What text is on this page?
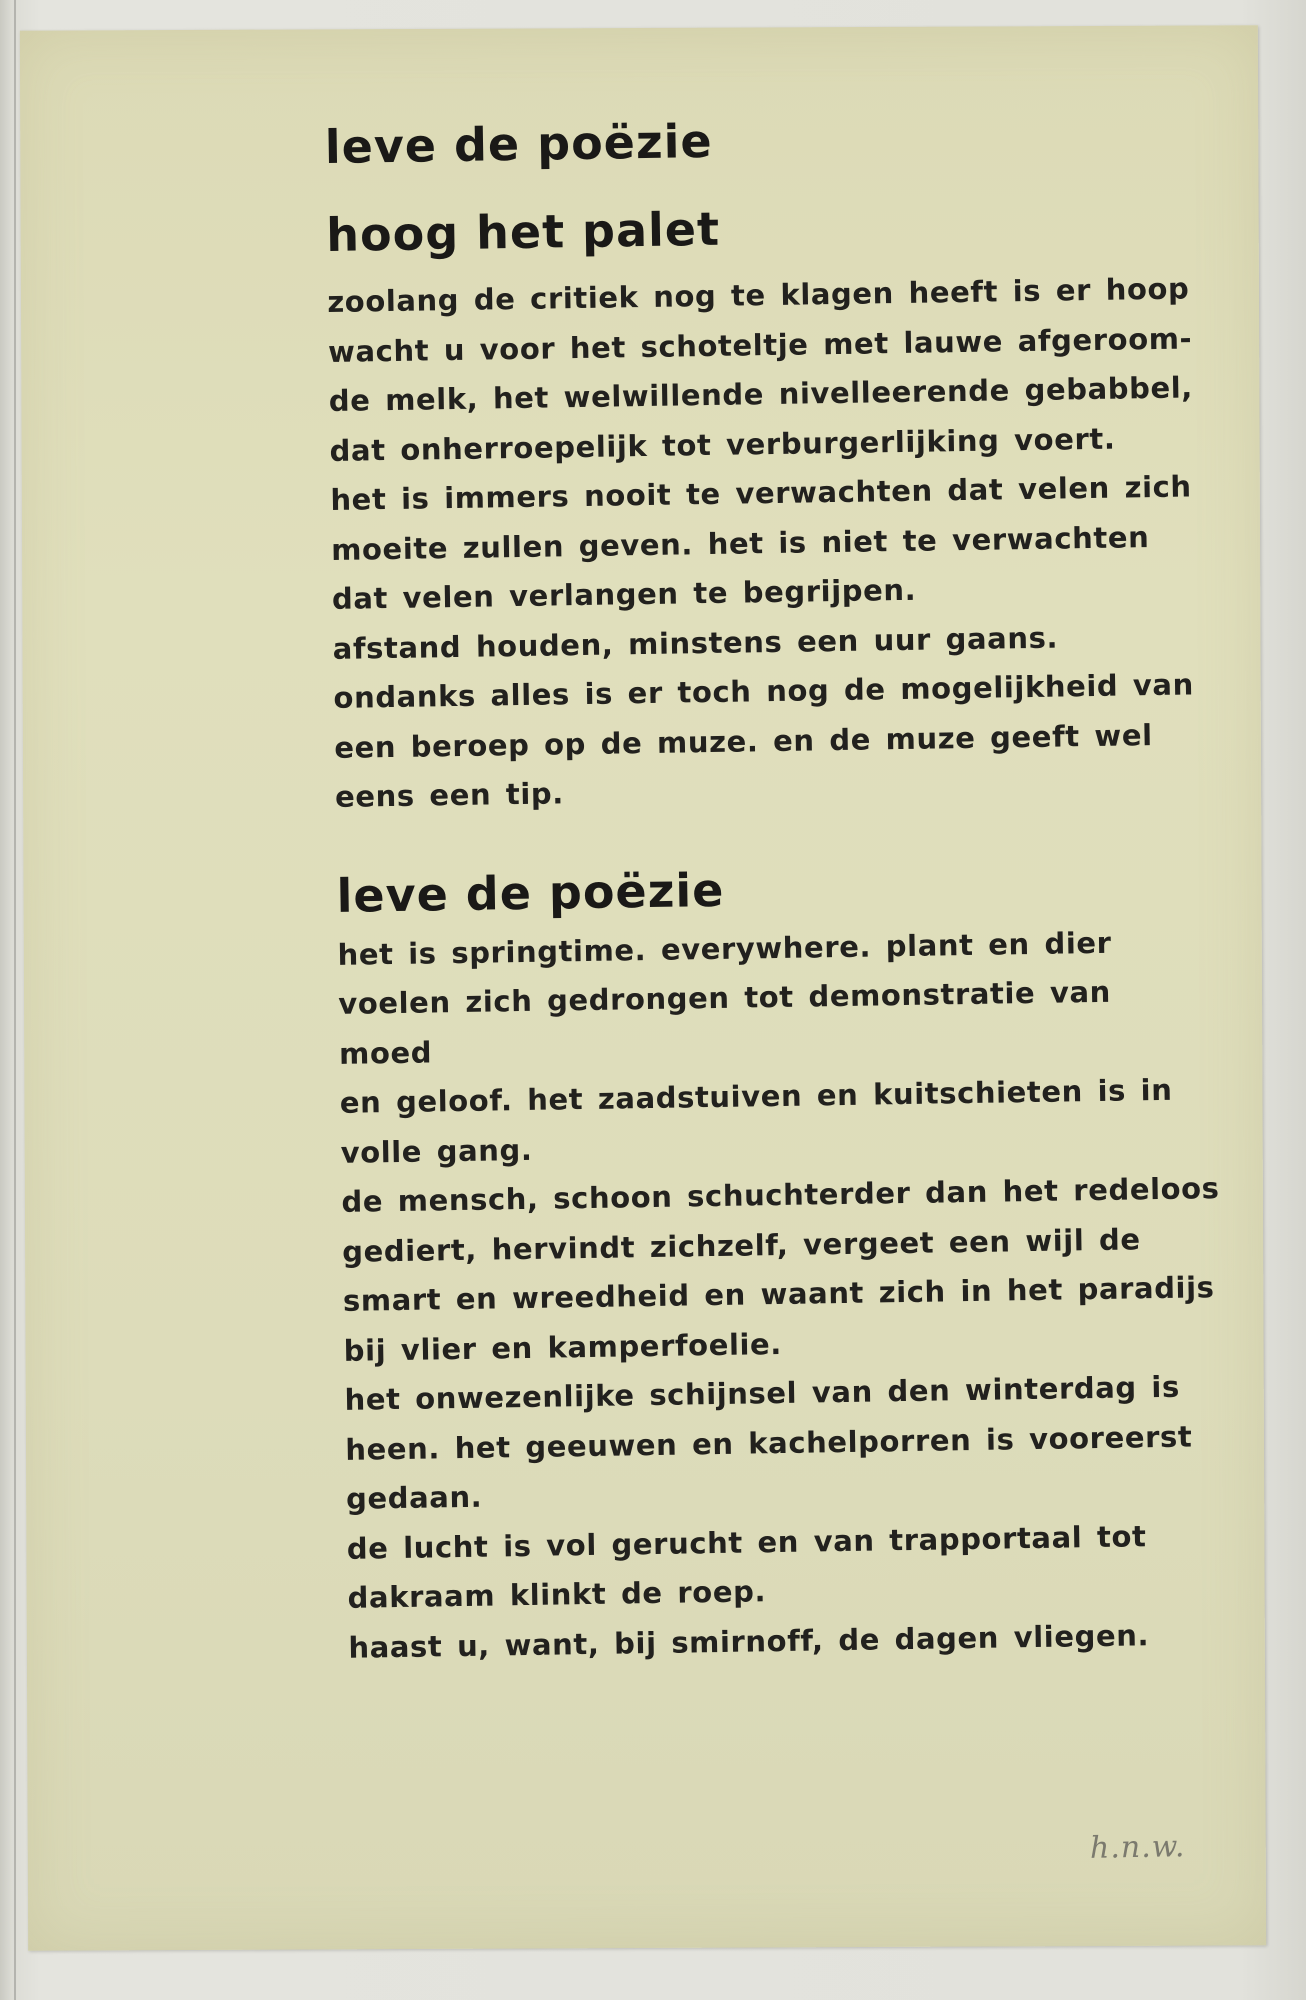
leve de poëzie
hoog het palet
zoolang de critiek nog te klagen heeft is er hoop
wacht u voor het schoteltje met lauwe afgeroom-
de melk, het welwillende nivelleerende gebabbel,
dat onherroepelijk tot verburgerlijking voert.
het is immers nooit te verwachten dat velen zich
moeite zullen geven. het is niet te verwachten
dat velen verlangen te begrijpen.
afstand houden, minstens een uur gaans.
ondanks alles is er toch nog de mogelijkheid van
een beroep op de muze. en de muze geeft wel
eens een tip.
leve de poëzie
het is springtime. everywhere. plant en dier
voelen zich gedrongen tot demonstratie van moed
en geloof. het zaadstuiven en kuitschieten is in
volle gang.
de mensch, schoon schuchterder dan het redeloos
gediert, hervindt zichzelf, vergeet een wijl de
smart en wreedheid en waant zich in het paradijs
bij vlier en kamperfoelie.
het onwezenlijke schijnsel van den winterdag is
heen. het geeuwen en kachelporren is vooreerst
gedaan.
de lucht is vol gerucht en van trapportaal tot
dakraam klinkt de roep.
haast u, want, bij smirnoff, de dagen vliegen.
h.n.w.
